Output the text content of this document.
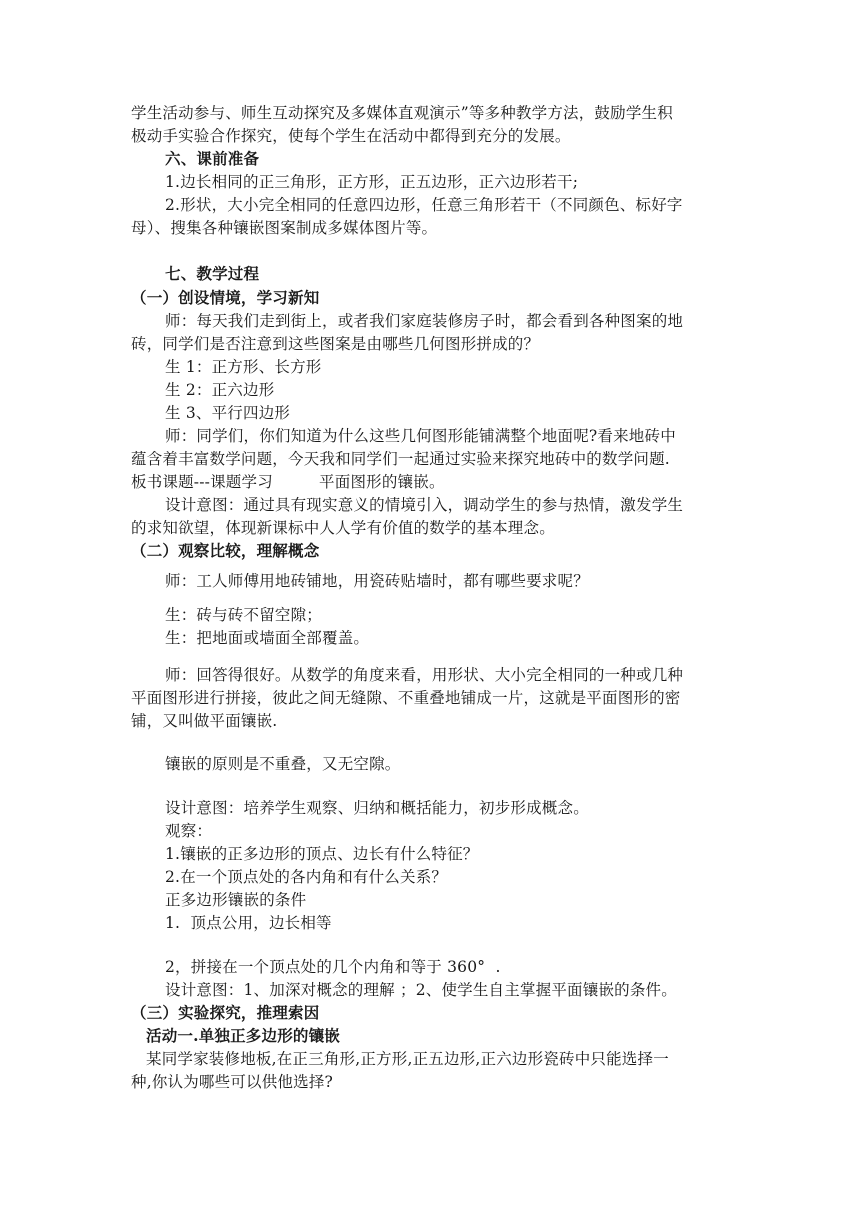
学生活动参与、师生互动探究及多媒体直观演示”等多种教学方法，鼓励学生积
极动手实验合作探究，使每个学生在活动中都得到充分的发展。
六、课前准备
1.边长相同的正三角形，正方形，正五边形，正六边形若干;
2.形状，大小完全相同的任意四边形，任意三角形若干（不同颜色、标好字
母）、搜集各种镶嵌图案制成多媒体图片等。
七、教学过程
（一）创设情境，学习新知
师：每天我们走到街上，或者我们家庭装修房子时，都会看到各种图案的地
砖，同学们是否注意到这些图案是由哪些几何图形拼成的？
生 1：正方形、长方形
生 2：正六边形
生 3、平行四边形
师：同学们，你们知道为什么这些几何图形能铺满整个地面呢?看来地砖中
蕴含着丰富数学问题，今天我和同学们一起通过实验来探究地砖中的数学问题.
板书课题---课题学习         平面图形的镶嵌。
设计意图：通过具有现实意义的情境引入，调动学生的参与热情，激发学生
的求知欲望，体现新课标中人人学有价值的数学的基本理念。
（二）观察比较，理解概念
师：工人师傅用地砖铺地，用瓷砖贴墙时，都有哪些要求呢？
生：砖与砖不留空隙；
生：把地面或墙面全部覆盖。
师：回答得很好。从数学的角度来看，用形状、大小完全相同的一种或几种
平面图形进行拼接，彼此之间无缝隙、不重叠地铺成一片，这就是平面图形的密
铺，又叫做平面镶嵌.
镶嵌的原则是不重叠，又无空隙。
设计意图：培养学生观察、归纳和概括能力，初步形成概念。
观察：
1.镶嵌的正多边形的顶点、边长有什么特征？
2.在一个顶点处的各内角和有什么关系？
正多边形镶嵌的条件
1.  顶点公用，边长相等
2，拼接在一个顶点处的几个内角和等于 360°  .
设计意图：1、加深对概念的理解 ；2、使学生自主掌握平面镶嵌的条件。
（三）实验探究，推理索因
活动一.单独正多边形的镶嵌
某同学家装修地板,在正三角形,正方形,正五边形,正六边形瓷砖中只能选择一
种,你认为哪些可以供他选择?
